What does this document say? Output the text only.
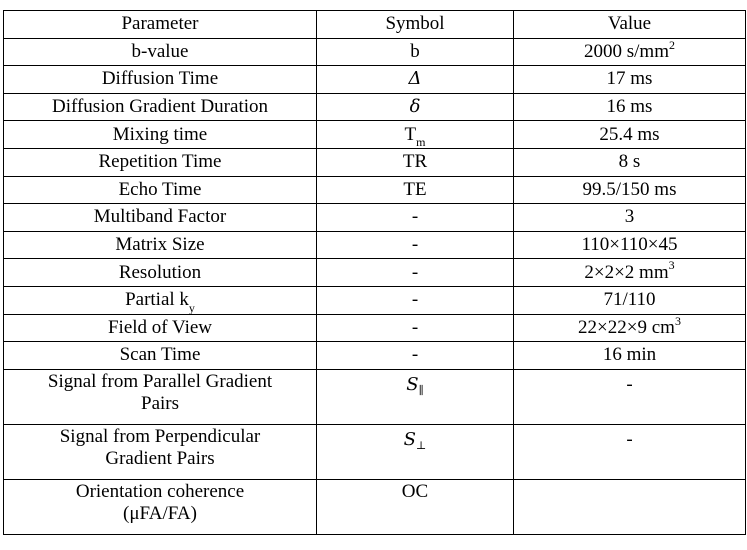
Parameter	Symbol	Value
b-value	b	2000 $s/mm^2$
Diffusion Time	Δ	17 ms
Diffusion Gradient Duration	δ	16 ms
Mixing time	$T_m$	25.4 ms
Repetition Time	TR	8 s
Echo Time	TE	99.5/150 ms
Multiband Factor	-	3
Matrix Size	-	110×110×45
Resolution	-	2×2×2 $mm^3$
Partial $k_y$	-	71/110
Field of View	-	22×22×9 $cm^3$
Scan Time	-	16 min

Signal from Parallel Gradient
Pairs	$S_\parallel$	-

Signal from Perpendicular
Gradient Pairs	$S_\perp$	-

Orientation coherence
(μFA/FA)	OC	
